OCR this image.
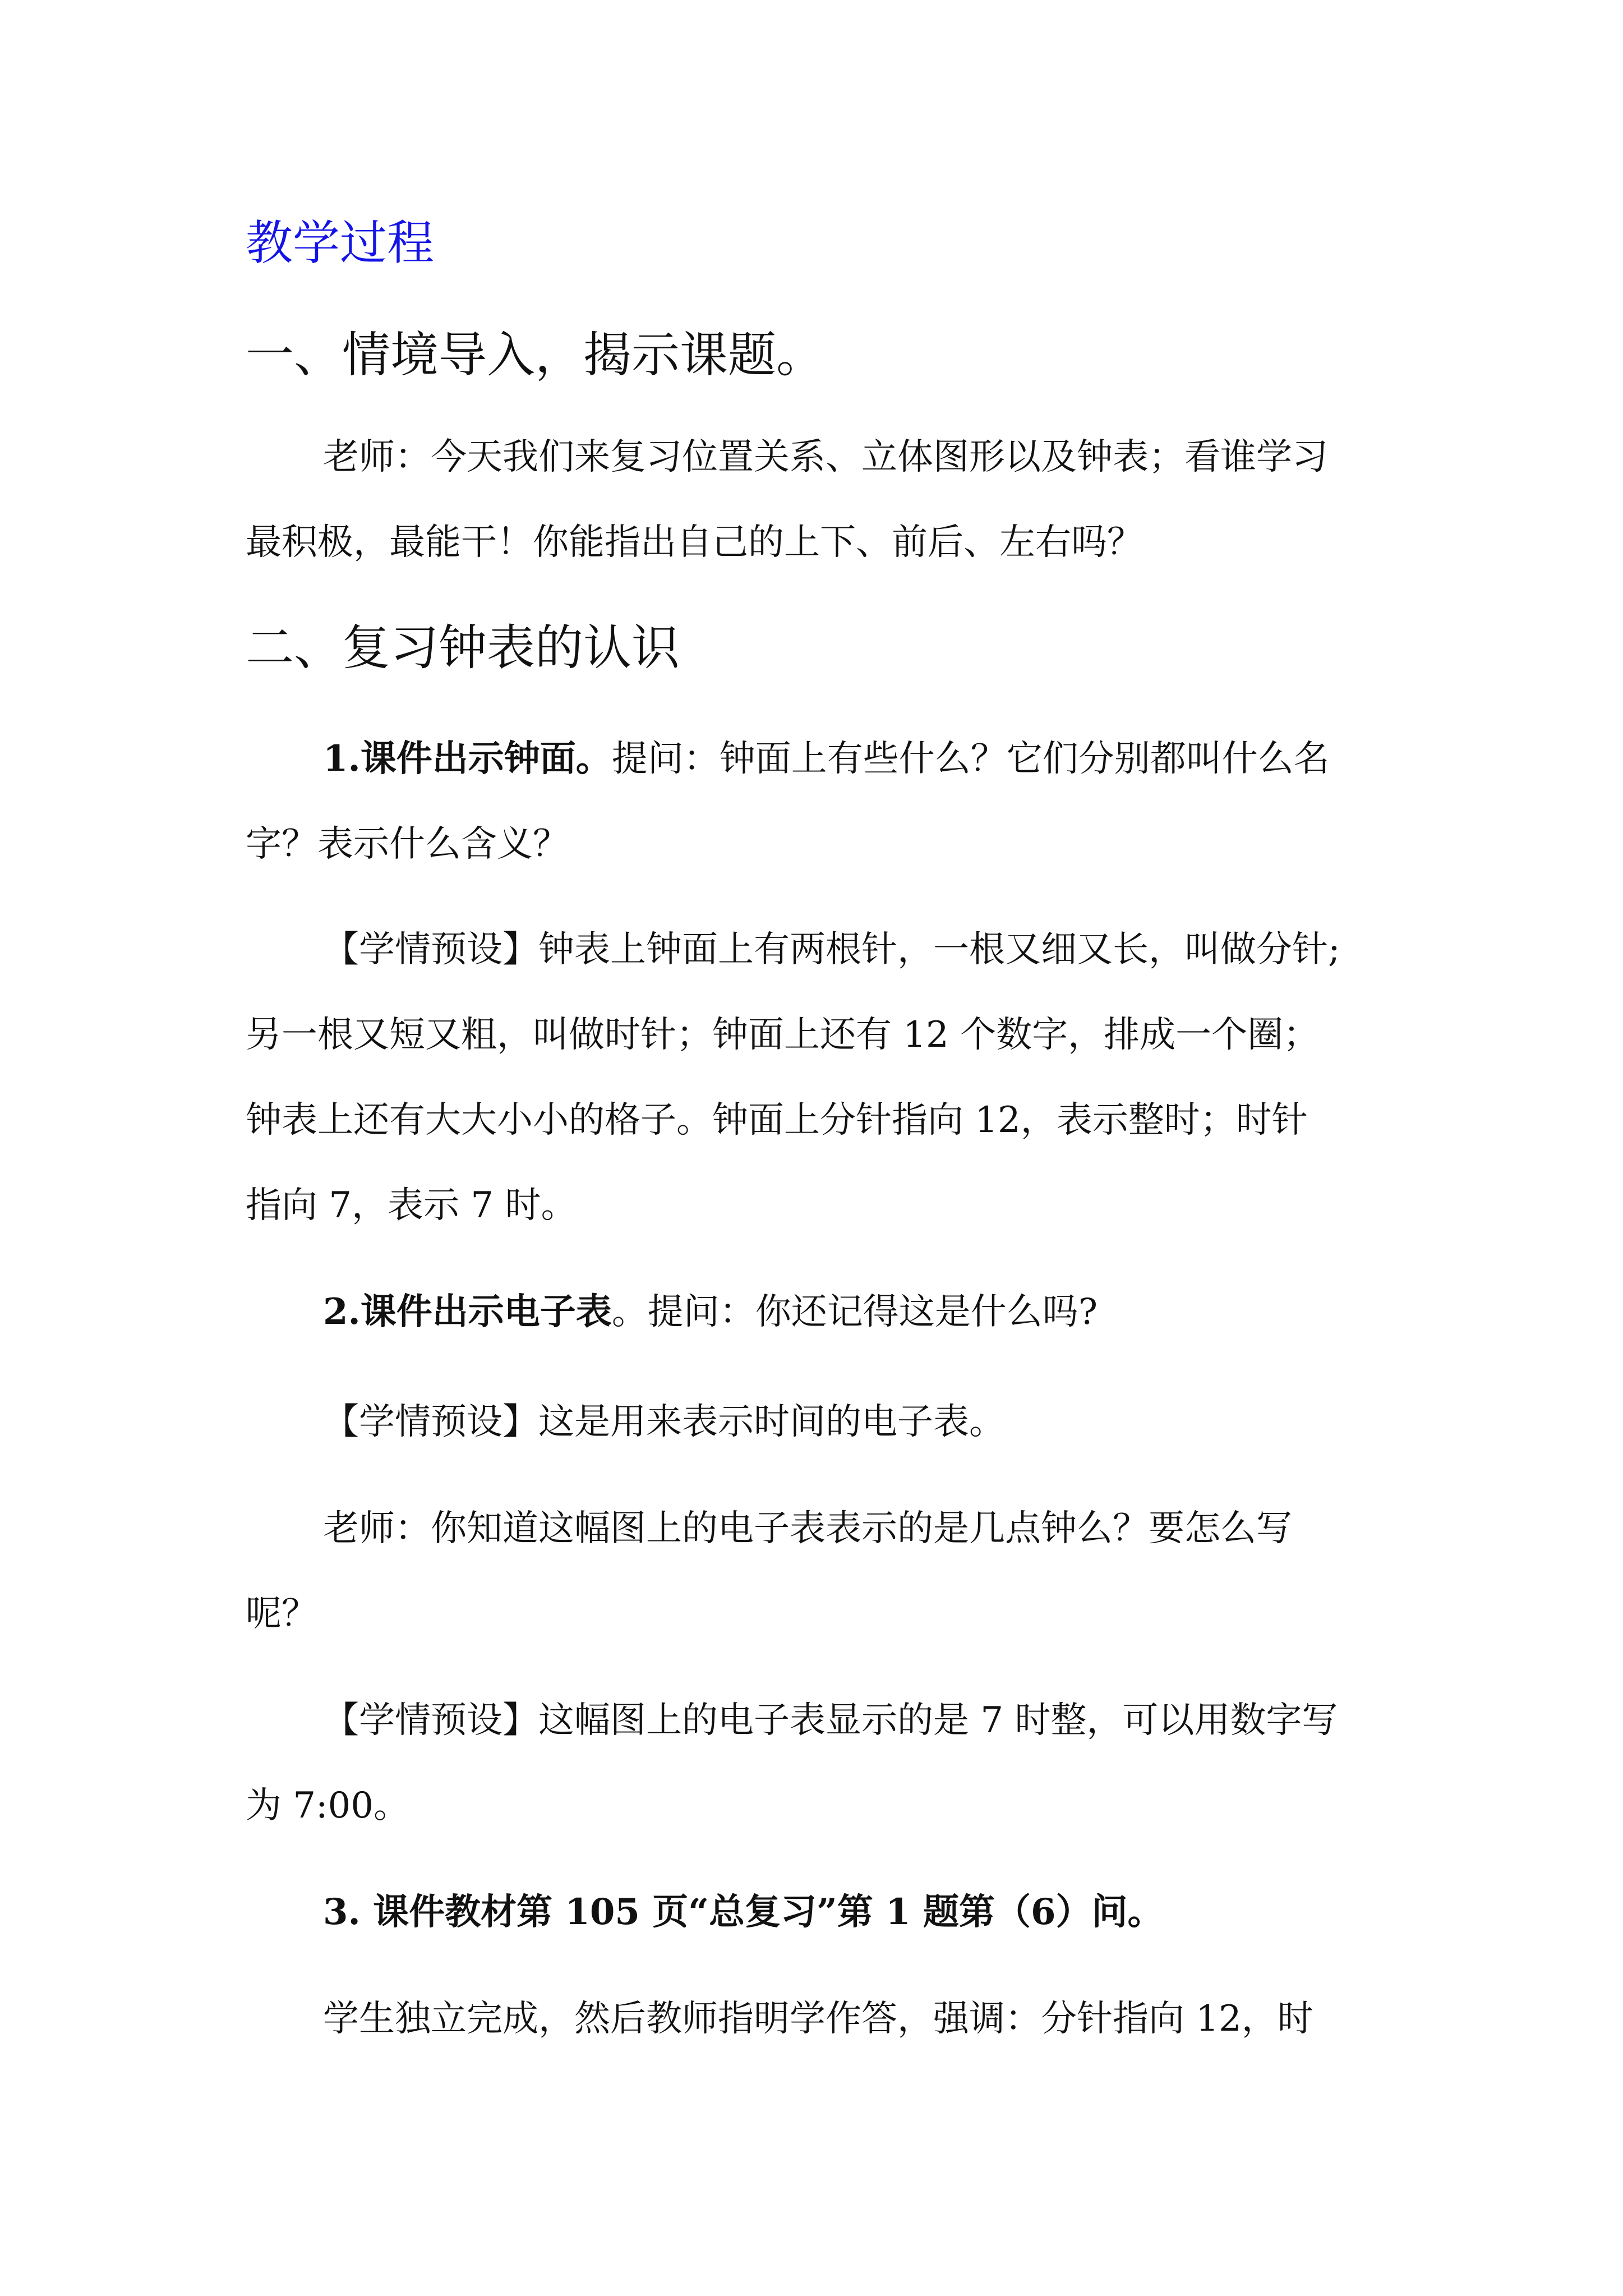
教学过程
一、情境导入，揭示课题。
老师：今天我们来复习位置关系、立体图形以及钟表；看谁学习
最积极，最能干！你能指出自己的上下、前后、左右吗？
二、复习钟表的认识
1.课件出示钟面。提问：钟面上有些什么？它们分别都叫什么名
字？表示什么含义？
【学情预设】钟表上钟面上有两根针，一根又细又长，叫做分针;
另一根又短又粗，叫做时针；钟面上还有 12 个数字，排成一个圈；
钟表上还有大大小小的格子。钟面上分针指向 12，表示整时；时针
指向 7，表示 7 时。
2.课件出示电子表。提问：你还记得这是什么吗?
【学情预设】这是用来表示时间的电子表。
老师：你知道这幅图上的电子表表示的是几点钟么？要怎么写
呢？
【学情预设】这幅图上的电子表显示的是 7 时整，可以用数字写
为 7:00。
3. 课件教材第 105 页“总复习”第 1 题第（6）问。
学生独立完成，然后教师指明学作答，强调：分针指向 12，时
